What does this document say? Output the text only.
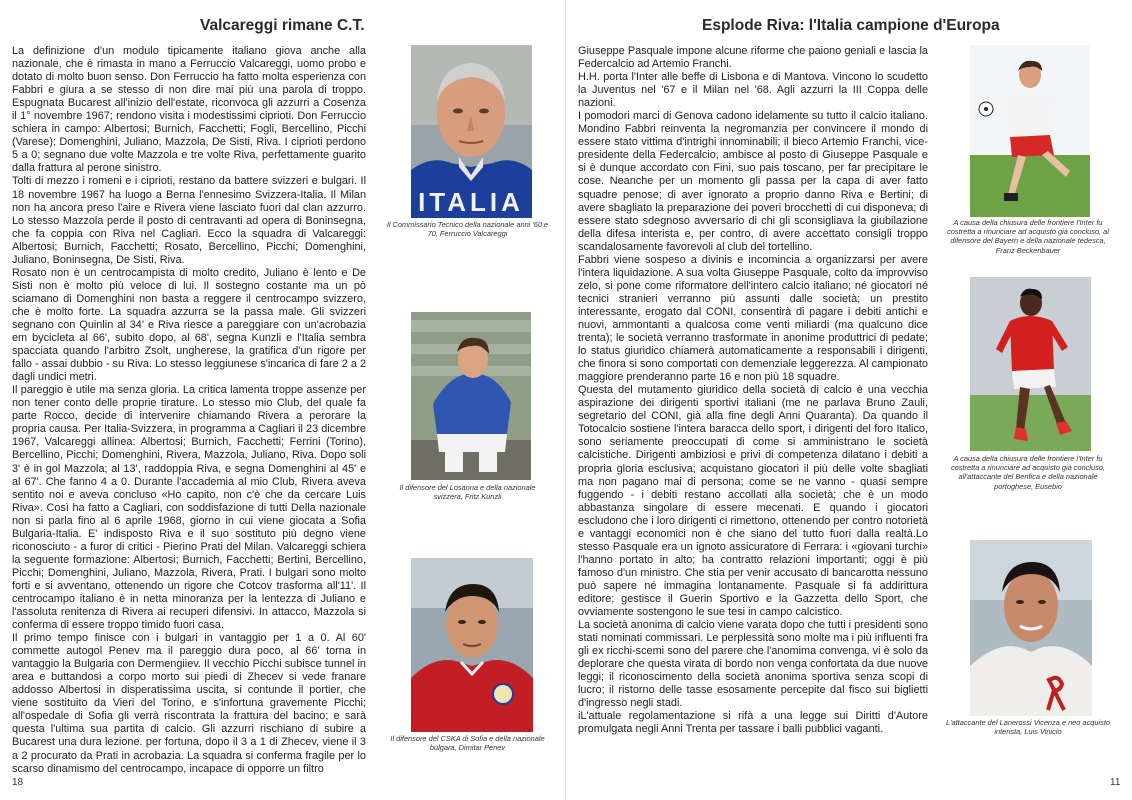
Valcareggi rimane C.T.

La definizione d'un modulo tipicamente italiano giova anche alla nazionale, che è rimasta in mano a Ferruccio Valcareggi, uomo probo e dotato di molto buon senso. Don Ferruccio ha fatto molta esperienza con Fabbri e giura a se stesso di non dire mai più una parola di troppo. Espugnata Bucarest all'inizio dell'estate, riconvoca gli azzurri a Cosenza il 1° novembre 1967; rendono visita i modestissimi ciprioti. Don Ferruccio schiera in campo: Albertosi; Burnich, Facchetti; Fogli, Bercellino, Picchi (Varese); Domenghini, Juliano, Mazzola, De Sisti, Riva. I ciprioti perdono 5 a 0; segnano due volte Mazzola e tre volte Riva, perfettamente guarito dalla frattura al perone sinistro.

Tolti di mezzo i romeni e i ciprioti, restano da battere svizzeri e bulgari. Il 18 novembre 1967 ha luogo a Berna l'ennesimo Svizzera-Italia. Il Milan non ha ancora preso l'aire e Rivera viene lasciato fuori dal clan azzurro. Lo stesso Mazzola perde il posto di centravanti ad opera di Boninsegna, che fa coppia con Riva nel Cagliari. Ecco la squadra di Valcareggi: Albertosi; Burnich, Facchetti; Rosato, Bercellino, Picchi; Domenghini, Juliano, Boninsegna, De Sisti, Riva.

Rosato non è un centrocampista di molto credito, Juliano è lento e De Sisti non è molto più veloce di lui. Il sostegno costante ma un pò sciamano di Domenghini non basta a reggere il centrocampo svizzero, che è molto forte. La squadra azzurra se la passa male. Gli svizzeri segnano con Quinlin al 34' e Riva riesce a pareggiare con un'acrobazia em bycicleta al 66', subito dopo, al 68', segna Kunzli e l'Italia sembra spacciata quando l'arbitro Zsolt, ungherese, la gratifica d'un rigore per fallo - assai dubbio - su Riva. Lo stesso leggiunese s'incarica di fare 2 a 2 dagli undici metri.

Il pareggio è utile ma senza gloria. La critica lamenta troppe assenze per non tener conto delle proprie tirature. Lo stesso mio Club, del quale fa parte Rocco, decide di intervenire chiamando Rivera a perorare la propria causa. Per Italia-Svizzera, in programma a Cagliari il 23 dicembre 1967, Valcareggi allinea: Albertosi; Burnich, Facchetti; Ferrini (Torino), Bercellino, Picchi; Domenghini, Rivera, Mazzola, Juliano, Riva. Dopo soli 3' è in gol Mazzola; al 13', raddoppia Riva, e segna Domenghini al 45' e al 67'. Che fanno 4 a 0. Durante l'accademia al mio Club, Rivera aveva sentito noi e aveva concluso «Ho capito, non c'è che da cercare Luis Riva». Così ha fatto a Cagliari, con soddisfazione di tutti Della nazionale non si parla fino al 6 aprile 1968, giorno in cui viene giocata a Sofia Bulgaria-Italia. E' indisposto Riva e il suo sostituto più degno viene riconosciuto - a furor di critici - Pierino Prati del Milan. Valcareggi schiera la seguente formazione: Albertosi; Burnich, Facchetti; Bertini, Bercellino, Picchi; Domenghini, Juliano, Mazzola, Rivera, Prati. I bulgari sono molto forti e si avventano, ottenendo un rigore che Cotcov trasforma all'11'. Il centrocampo italiano è in netta minoranza per la lentezza di Juliano e l'assoluta renitenza di Rivera ai recuperi difensivi. In attacco, Mazzola si conferma di essere troppo timido fuori casa.

Il primo tempo finisce con i bulgari in vantaggio per 1 a 0. Al 60' commette autogol Penev ma il pareggio dura poco, al 66' torna in vantaggio la Bulgaria con Dermengiiev. Il vecchio Picchi subisce tunnel in area e buttandosi a corpo morto sui piedi di Zhecev si vede franare addosso Albertosi in disperatissima uscita, si contunde il portier, che viene sostituito da Vieri del Torino, e s'infortuna gravemente Picchi; all'ospedale di Sofia gli verrà riscontrata la frattura del bacino; e sarà questa l'ultima sua partita di calcio. Gli azzurri rischiano di subire a Bucarest una dura lezione. per fortuna, dopo il 3 a 1 di Zhecev, viene il 3 a 2 procurato da Prati in acrobazia. La squadra si conferma fragile per lo scarso dinamismo del centrocampo, incapace di opporre un filtro

ITALIA
Il Commissario Tecnico della nazionale anni '60 e 70, Ferruccio Valcareggi
Il difensore del Losanna e della nazionale svizzera, Fritz Kunzli
Il difensore del CSKA di Sofia e della nazionale bulgara, Dimitar Penev
18
Esplode Riva: l'Italia campione d'Europa

Giuseppe Pasquale impone alcune riforme che paiono geniali e lascia la Federcalcio ad Artemio Franchi.

H.H. porta l'Inter alle beffe di Lisbona e di Mantova. Vincono lo scudetto la Juventus nel '67 e il Milan nel '68. Agli azzurri la III Coppa delle nazioni.

I pomodori marci di Genova cadono idelamente su tutto il calcio italiano. Mondino Fabbri reinventa la negromanzia per convincere il mondo di essere stato vittima d'intrighi innominabili; il bieco Artemio Franchi, vice-presidente della Federcalcio, ambisce al posto di Giuseppe Pasquale e si è dunque accordato con Fini, suo pais toscano, per far precipitare le cose. Neanche per un momento gli passa per la capa di aver fatto squadre penose; di aver ignorato a proprio danno Riva e Bertini; di avere sbagliato la preparazione dei poveri brocchetti di cui disponeva; di essere stato sdegnoso avversario di chi gli sconsigliava la giubilazione della difesa interista e, per contro, di avere accettato consigli troppo scandalosamente favorevoli al club del tortellino.

Fabbri viene sospeso a divinis e incomincia a organizzarsi per avere l'intera liquidazione. A sua volta Giuseppe Pasquale, colto da improvviso zelo, si pone come riformatore dell'intero calcio italiano; né giocatori né tecnici stranieri verranno più assunti dalle società; un prestito interessante, erogato dal CONI, consentirà di pagare i debiti antichi e nuovi, ammontanti a qualcosa come venti miliardi (ma qualcuno dice trenta); le società verranno trasformate in anonime produttrici di pedate; lo status giuridico chiamerà automaticamente a responsabili i dirigenti, che finora si sono comportati con demenziale leggerezza. Al campionato maggiore prenderanno parte 16 e non più 18 squadre.

Questa del mutamento giuridico della società di calcio è una vecchia aspirazione dei dirigenti sportivi italiani (me ne parlava Bruno Zauli, segretario del CONI, già alla fine degli Anni Quaranta). Da quando il Totocalcio sostiene l'intera baracca dello sport, i dirigenti del foro Italico, sono seriamente preoccupati di come si amministrano le società calcistiche. Dirigenti ambiziosi e privi di competenza dilatano i debiti a propria gloria esclusiva; acquistano giocatori il più delle volte sbagliati ma non pagano mai di persona; come se ne vanno - quasi sempre fuggendo - i debiti restano accollati alla società; che è un modo abbastanza singolare di essere mecenati. E quando i giocatori escludono che i loro dirigenti ci rimettono, ottenendo per contro notorietà e vantaggi economici non è che siano del tutto fuori dalla realtà.Lo stesso Pasquale era un ignoto assicuratore di Ferrara: i «giovani turchi» l'hanno portato in alto; ha contratto relazioni importanti; oggi è più famoso d'un ministro. Che stia per venir accusato di bancarotta nessuno può sapere né immagina lontanamente. Pasquale si fa addirittura editore; gestisce il Guerin Sportivo e la Gazzetta dello Sport, che ovviamente sostengono le sue tesi in campo calcistico.

La società anonima di calcio viene varata dopo che tutti i presidenti sono stati nominati commissari. Le perplessità sono molte ma i più influenti fra gli ex ricchi-scemi sono del parere che l'anomima convenga, vi è solo da deplorare che questa virata di bordo non venga confortata da due nuove leggi; il riconoscimento della società anonima sportiva senza scopi di lucro; il ristorno delle tasse esosamente percepite dal fisco sui biglietti d'ingresso negli stadi.

iL'attuale regolamentazione si rifà a una legge sui Diritti d'Autore promulgata negli Anni Trenta per tassare i balli pubblici vaganti.

A causa della chiusura delle frontiere l'Inter fu costretta a rinunciare ad acquisto già concluso, al difensore del Bayern e della nazionale tedesca, Franz Beckenbauer
A causa della chiusura delle frontiere l'Inter fu costretta a rinunciare ad acquisto già concluso, all'attaccante del Benfica e della nazionale portoghese, Eusebio
L'attaccante del Lanerossi Vicenza e neo acquisto interista, Luis Vinicio
11
